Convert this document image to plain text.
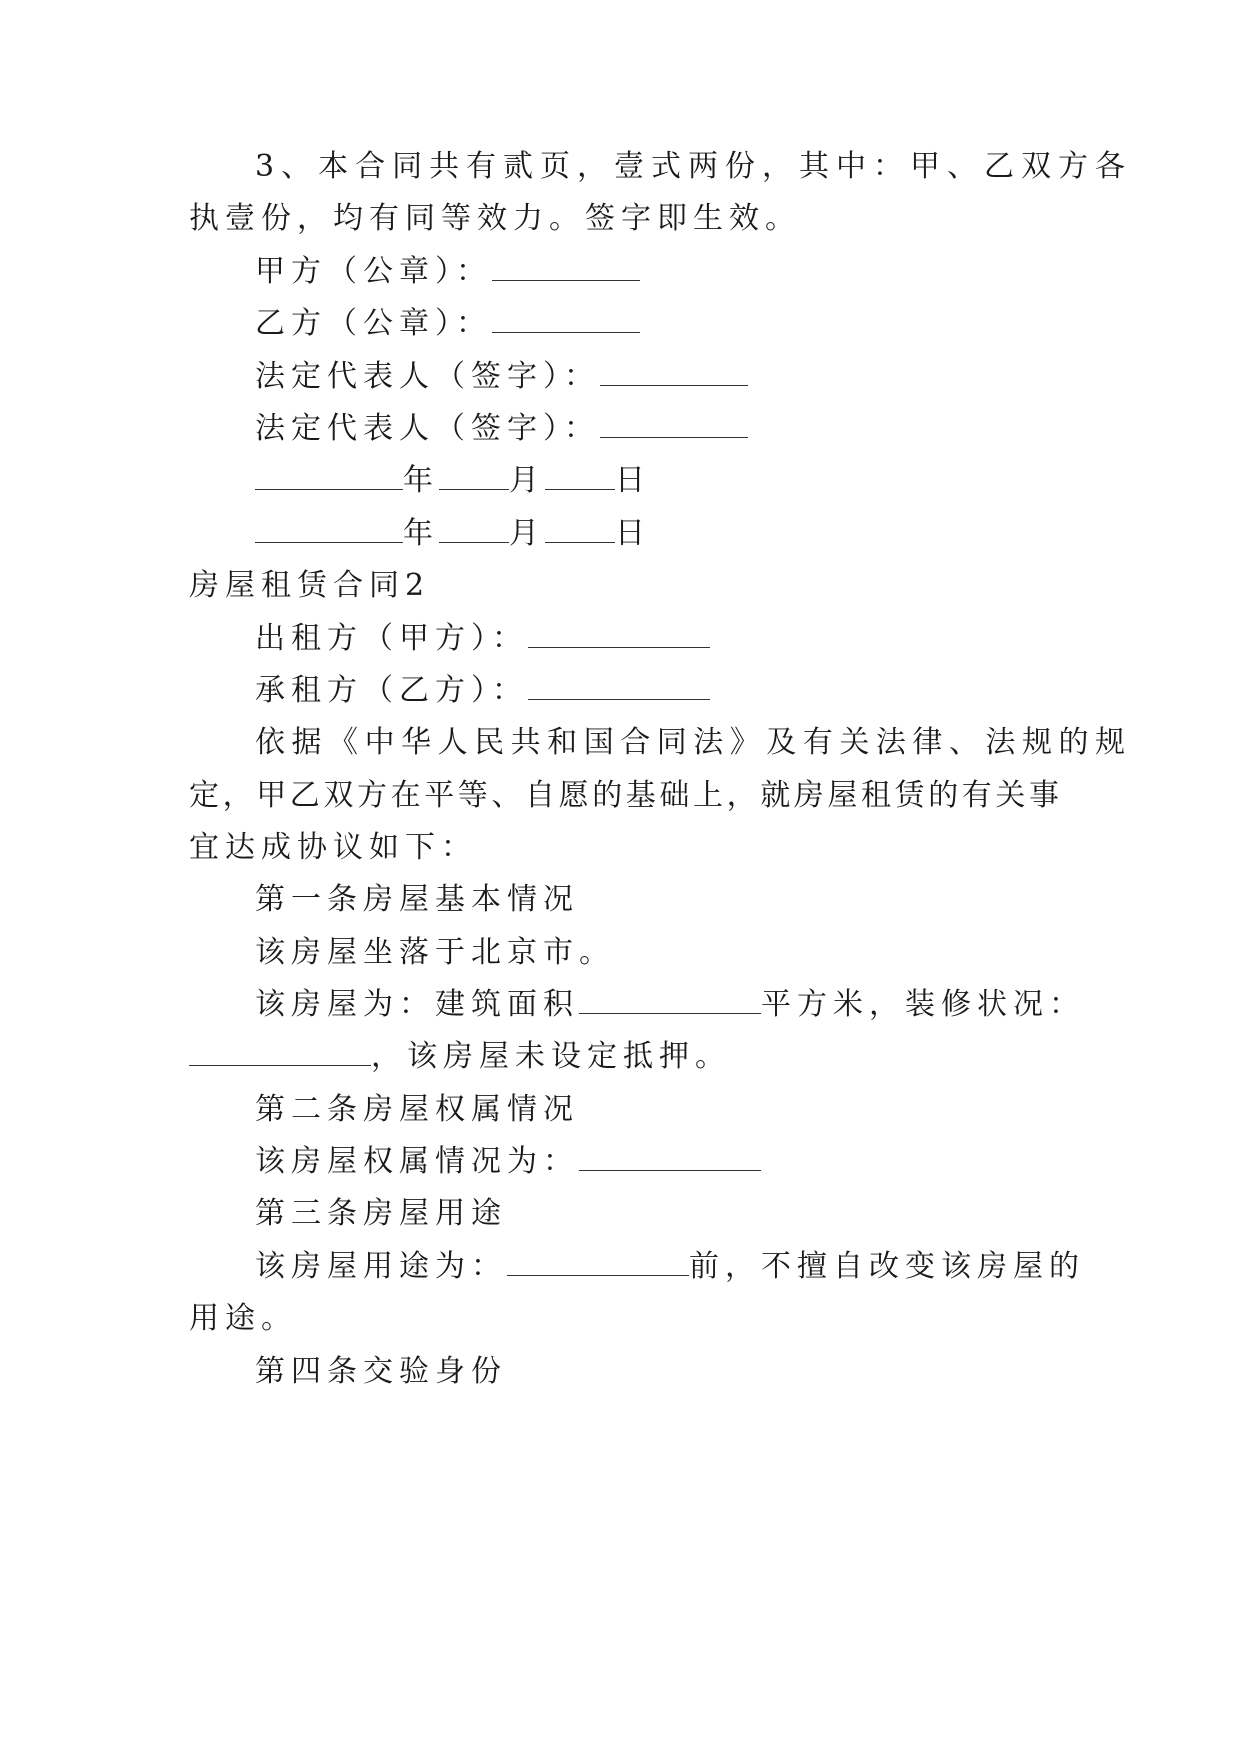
3、本合同共有贰页，壹式两份，其中：甲、乙双方各
执壹份，均有同等效力。签字即生效。
甲方（公章）：
乙方（公章）：
法定代表人（签字）：
法定代表人（签字）：
年 月 日
年 月 日
房屋租赁合同2
出租方（甲方）：
承租方（乙方）：
依据《中华人民共和国合同法》及有关法律、法规的规
定，甲乙双方在平等、自愿的基础上，就房屋租赁的有关事
宜达成协议如下：
第一条房屋基本情况
该房屋坐落于北京市。
该房屋为：建筑面积	平方米，装修状况：
，该房屋未设定抵押。
第二条房屋权属情况
该房屋权属情况为：
第三条房屋用途
该房屋用途为：	前，不擅自改变该房屋的
用途。
第四条交验身份
